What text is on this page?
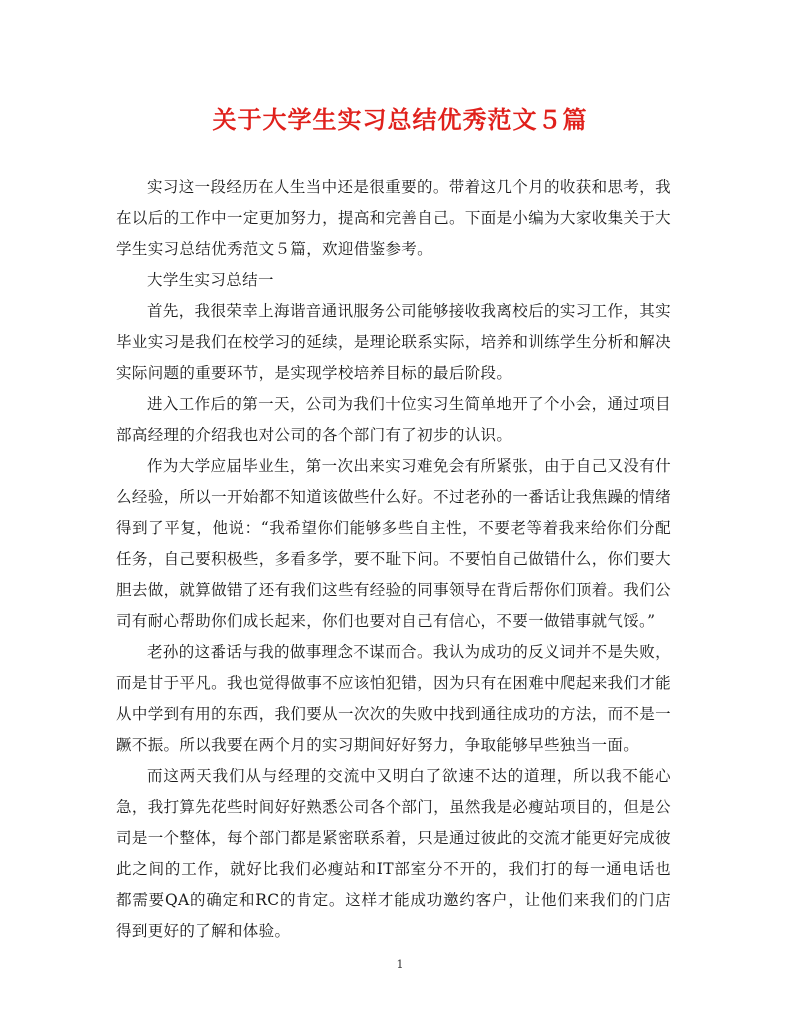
关于大学生实习总结优秀范文５篇

实习这一段经历在人生当中还是很重要的。带着这几个月的收获和思考，我在以后的工作中一定更加努力，提高和完善自己。下面是小编为大家收集关于大学生实习总结优秀范文５篇，欢迎借鉴参考。

大学生实习总结一

首先，我很荣幸上海谐音通讯服务公司能够接收我离校后的实习工作，其实毕业实习是我们在校学习的延续，是理论联系实际，培养和训练学生分析和解决实际问题的重要环节，是实现学校培养目标的最后阶段。

进入工作后的第一天，公司为我们十位实习生简单地开了个小会，通过项目部高经理的介绍我也对公司的各个部门有了初步的认识。

作为大学应届毕业生，第一次出来实习难免会有所紧张，由于自己又没有什么经验，所以一开始都不知道该做些什么好。不过老孙的一番话让我焦躁的情绪得到了平复，他说：“我希望你们能够多些自主性，不要老等着我来给你们分配任务，自己要积极些，多看多学，要不耻下问。不要怕自己做错什么，你们要大胆去做，就算做错了还有我们这些有经验的同事领导在背后帮你们顶着。我们公司有耐心帮助你们成长起来，你们也要对自己有信心，不要一做错事就气馁。”

老孙的这番话与我的做事理念不谋而合。我认为成功的反义词并不是失败，而是甘于平凡。我也觉得做事不应该怕犯错，因为只有在困难中爬起来我们才能从中学到有用的东西，我们要从一次次的失败中找到通往成功的方法，而不是一蹶不振。所以我要在两个月的实习期间好好努力，争取能够早些独当一面。

而这两天我们从与经理的交流中又明白了欲速不达的道理，所以我不能心急，我打算先花些时间好好熟悉公司各个部门，虽然我是必瘦站项目的，但是公司是一个整体，每个部门都是紧密联系着，只是通过彼此的交流才能更好完成彼此之间的工作，就好比我们必瘦站和IT部室分不开的，我们打的每一通电话也都需要QA的确定和RC的肯定。这样才能成功邀约客户，让他们来我们的门店得到更好的了解和体验。

1
